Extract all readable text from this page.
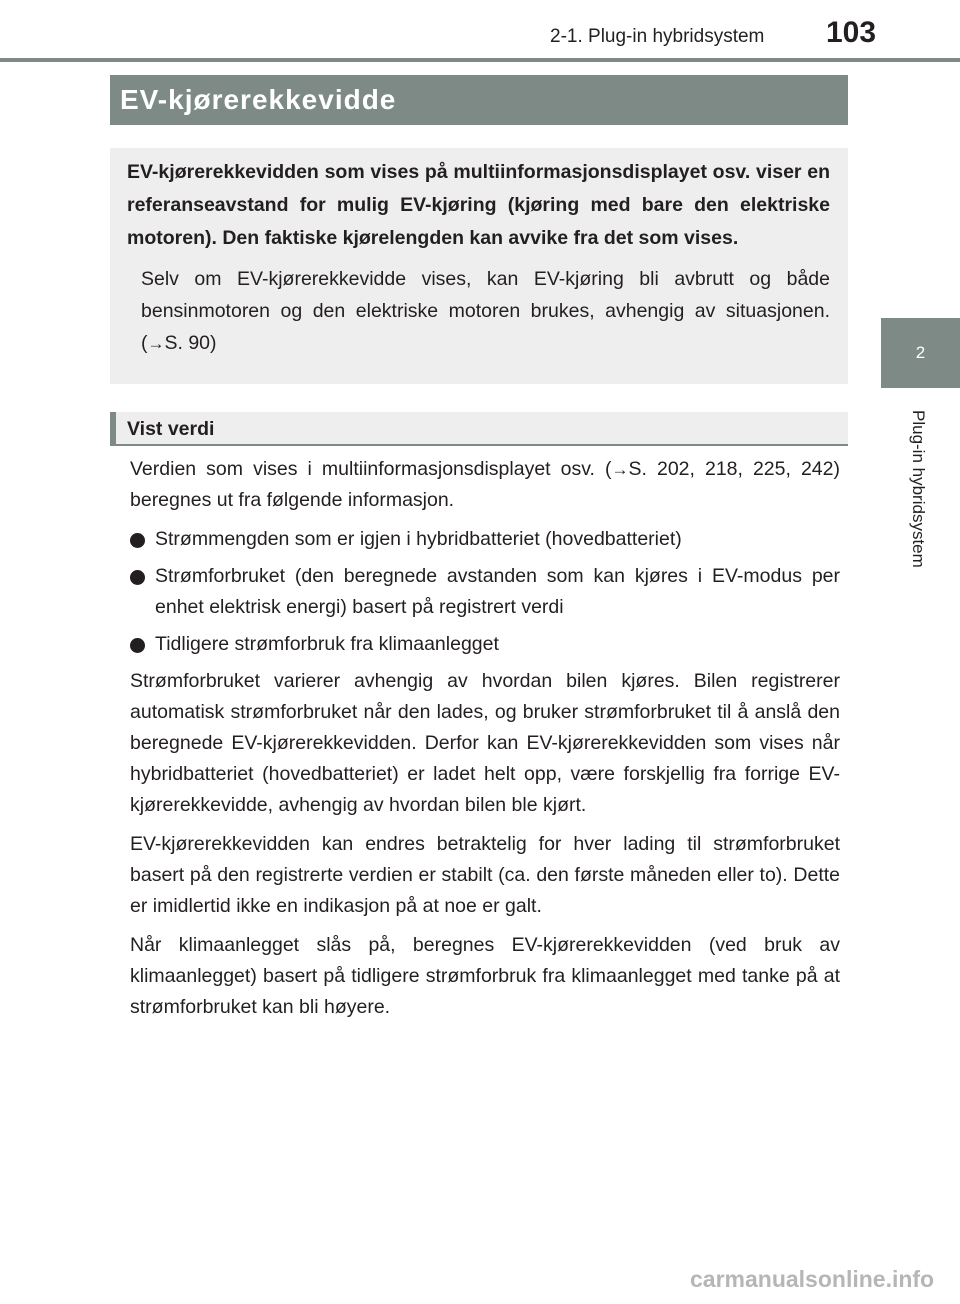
2-1. Plug-in hybridsystem 103
2
Plug-in hybridsystem
EV-kjørerekkevidde

EV-kjørerekkevidden som vises på multiinformasjonsdisplayet osv. viser en referanseavstand for mulig EV-kjøring (kjøring med bare den elektriske motoren). Den faktiske kjørelengden kan avvike fra det som vises.

Selv om EV-kjørerekkevidde vises, kan EV-kjøring bli avbrutt og både bensinmotoren og den elektriske motoren brukes, avhengig av situasjonen. (→S. 90)

Vist verdi

Verdien som vises i multiinformasjonsdisplayet osv. (→S. 202, 218, 225, 242) beregnes ut fra følgende informasjon.

Strømmengden som er igjen i hybridbatteriet (hovedbatteriet)
Strømforbruket (den beregnede avstanden som kan kjøres i EV-modus per enhet elektrisk energi) basert på registrert verdi
Tidligere strømforbruk fra klimaanlegget

Strømforbruket varierer avhengig av hvordan bilen kjøres. Bilen registrerer automatisk strømforbruket når den lades, og bruker strømforbruket til å anslå den beregnede EV-kjørerekkevidden. Derfor kan EV-kjørerekkevidden som vises når hybridbatteriet (hovedbatteriet) er ladet helt opp, være forskjellig fra forrige EV-kjørerekkevidde, avhengig av hvordan bilen ble kjørt.

EV-kjørerekkevidden kan endres betraktelig for hver lading til strømforbruket basert på den registrerte verdien er stabilt (ca. den første måneden eller to). Dette er imidlertid ikke en indikasjon på at noe er galt.

Når klimaanlegget slås på, beregnes EV-kjørerekkevidden (ved bruk av klimaanlegget) basert på tidligere strømforbruk fra klimaanlegget med tanke på at strømforbruket kan bli høyere.

carmanualsonline.info
